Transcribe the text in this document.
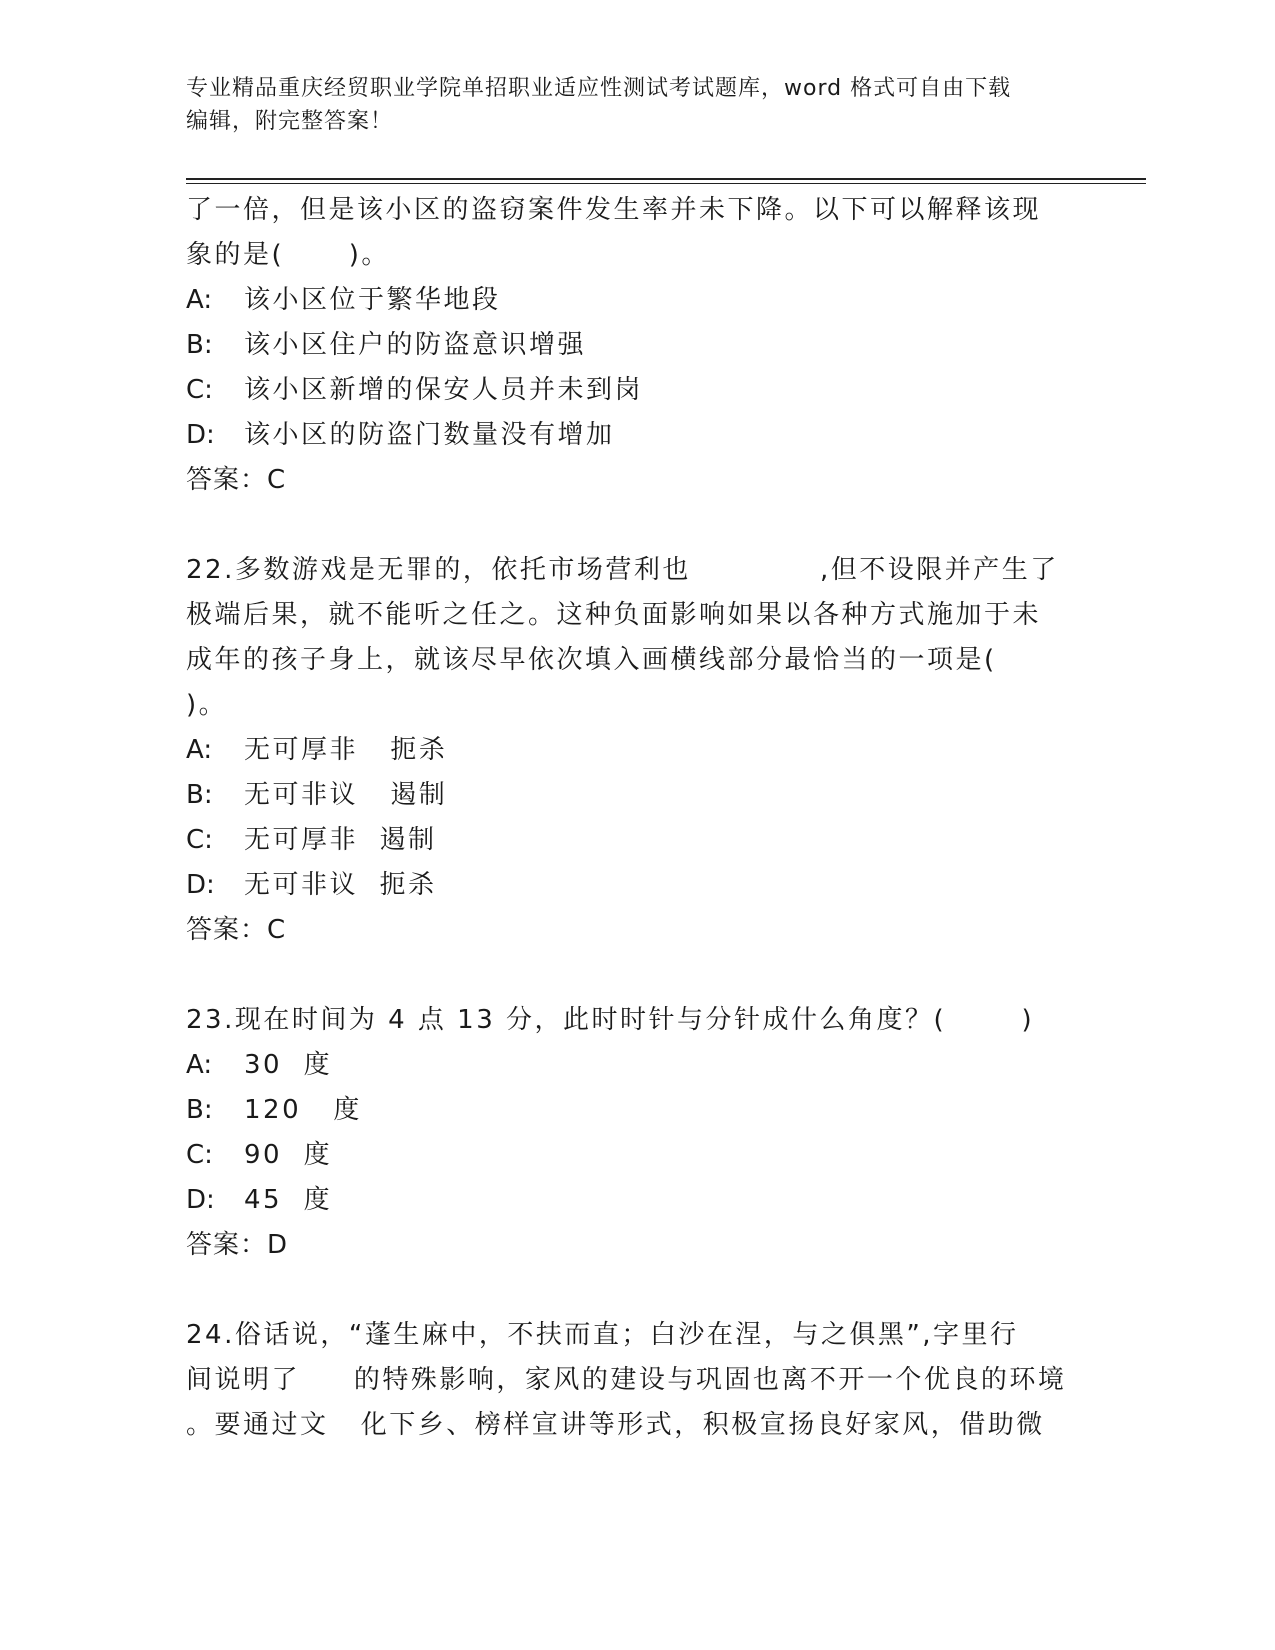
专业精品重庆经贸职业学院单招职业适应性测试考试题库，word 格式可自由下载
编辑，附完整答案！
了一倍，但是该小区的盗窃案件发生率并未下降。以下可以解释该现
象的是(      )。
A: 该小区位于繁华地段
B: 该小区住户的防盗意识增强
C: 该小区新增的保安人员并未到岗
D: 该小区的防盗门数量没有增加
答案：C
22.多数游戏是无罪的，依托市场营利也            ,但不设限并产生了
极端后果，就不能听之任之。这种负面影响如果以各种方式施加于未
成年的孩子身上，就该尽早依次填入画横线部分最恰当的一项是(
)。
A: 无可厚非   扼杀
B: 无可非议   遏制
C: 无可厚非  遏制
D: 无可非议  扼杀
答案：C
23.现在时间为 4 点 13 分，此时时针与分针成什么角度？(       )
A: 30  度
B: 120   度
C: 90  度
D: 45  度
答案：D
24.俗话说，“蓬生麻中，不扶而直；白沙在涅，与之俱黑”,字里行
间说明了     的特殊影响，家风的建设与巩固也离不开一个优良的环境
。要通过文   化下乡、榜样宣讲等形式，积极宣扬良好家风，借助微
